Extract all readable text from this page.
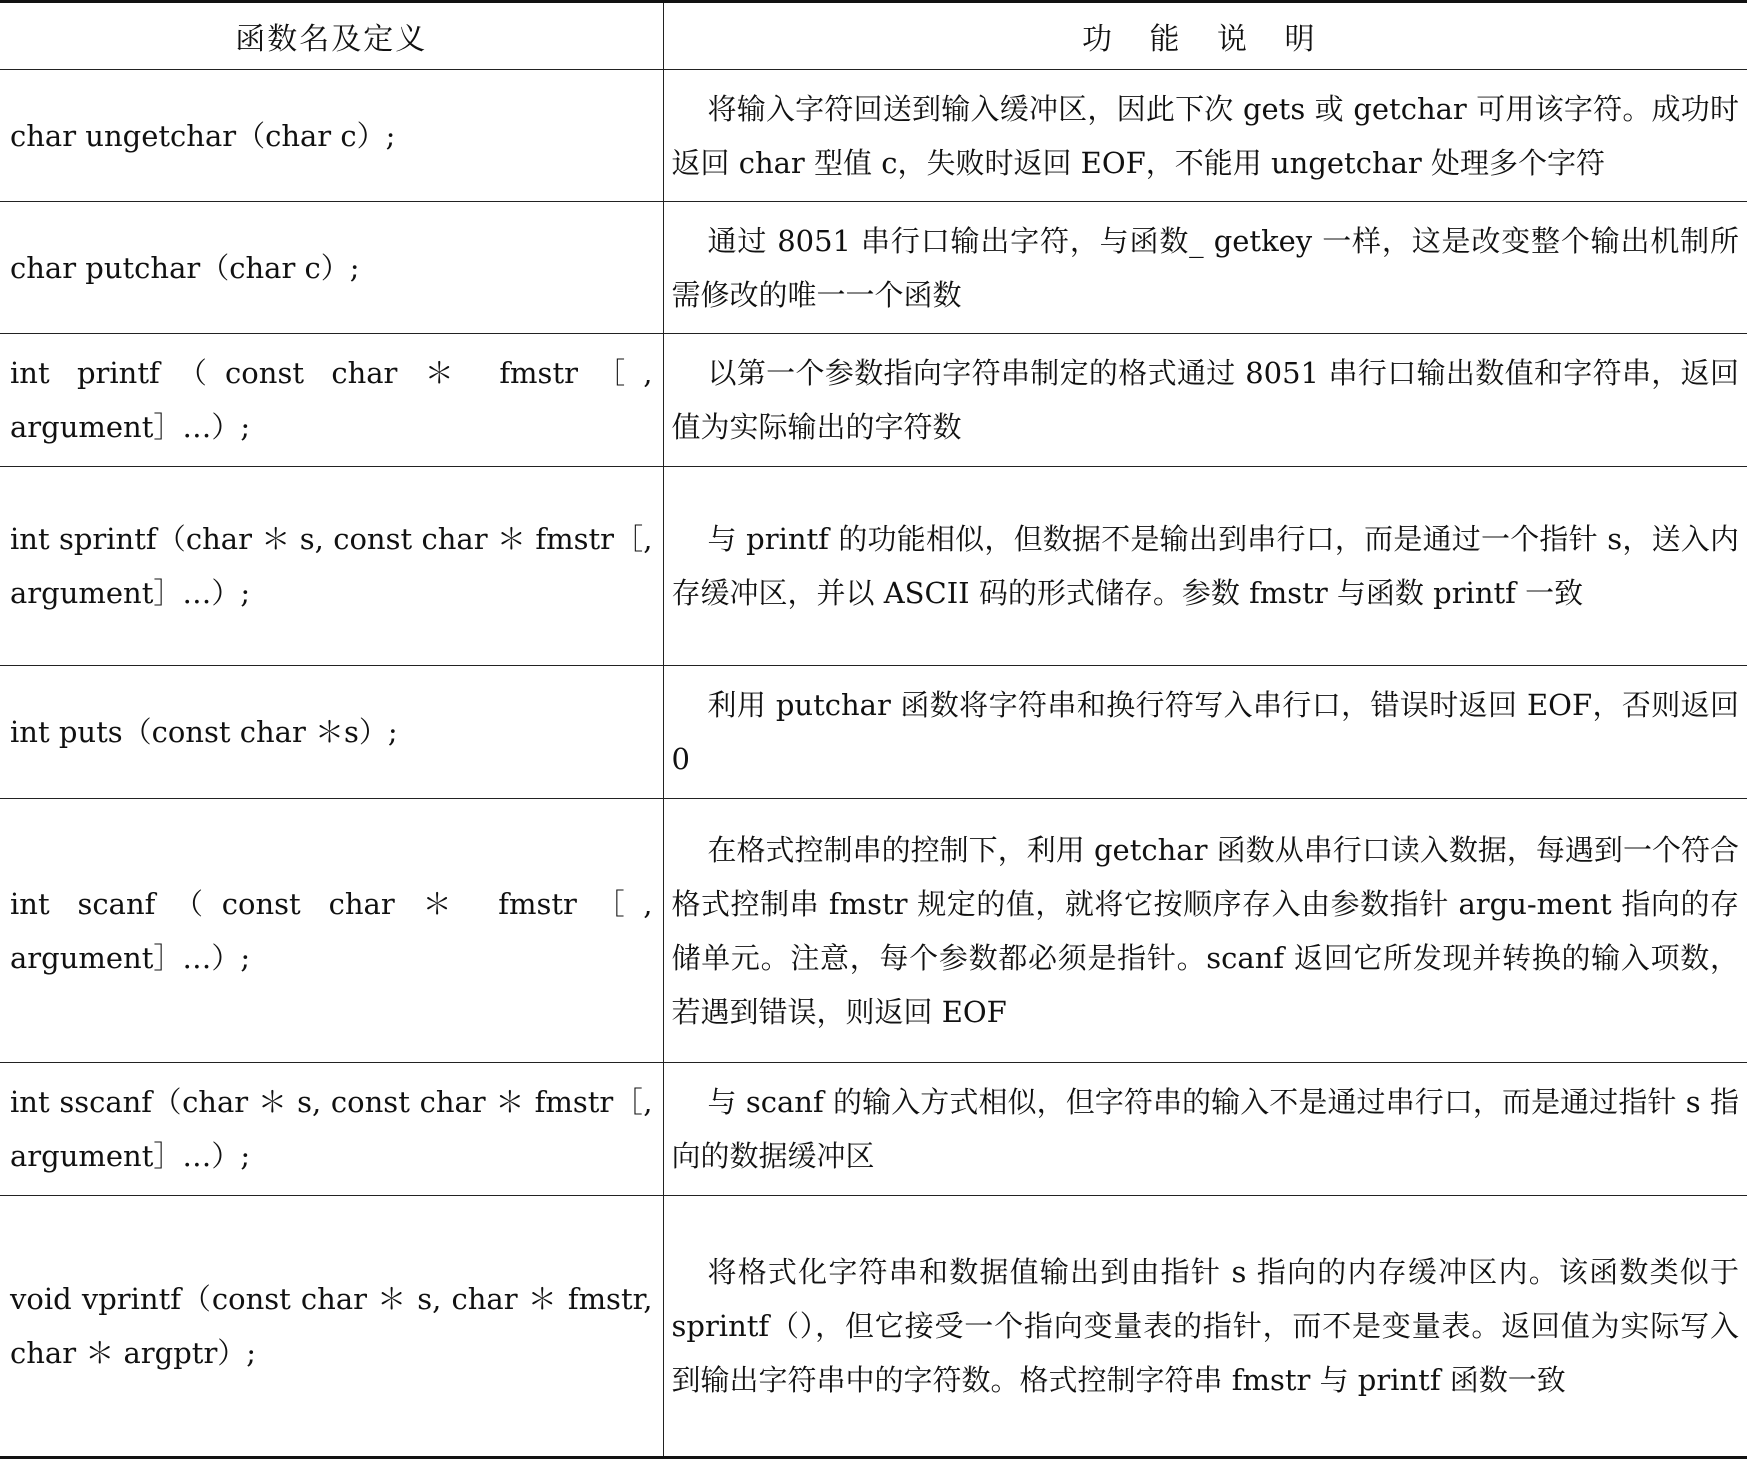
函数名及定义	功 能 说 明
char ungetchar（char c）;	将输入字符回送到输入缓冲区，因此下次 gets 或 getchar 可用该字符。成功时返回 char 型值 c，失败时返回 EOF，不能用 ungetchar 处理多个字符
char putchar（char c）;	通过 8051 串行口输出字符，与函数_ getkey 一样，这是改变整个输出机制所需修改的唯一一个函数
int printf（const char ＊ fmstr［, argument］…）;	以第一个参数指向字符串制定的格式通过 8051 串行口输出数值和字符串，返回值为实际输出的字符数
int sprintf（char ＊ s, const char ＊ fmstr［, argument］…）;	与 printf 的功能相似，但数据不是输出到串行口，而是通过一个指针 s，送入内存缓冲区，并以 ASCII 码的形式储存。参数 fmstr 与函数 printf 一致
int puts（const char ＊s）;	利用 putchar 函数将字符串和换行符写入串行口，错误时返回 EOF，否则返回 0
int scanf（const char ＊ fmstr［, argument］…）;	在格式控制串的控制下，利用 getchar 函数从串行口读入数据，每遇到一个符合格式控制串 fmstr 规定的值，就将它按顺序存入由参数指针 argu-ment 指向的存储单元。注意，每个参数都必须是指针。scanf 返回它所发现并转换的输入项数，若遇到错误，则返回 EOF
int sscanf（char ＊ s, const char ＊ fmstr［, argument］…）;	与 scanf 的输入方式相似，但字符串的输入不是通过串行口，而是通过指针 s 指向的数据缓冲区
void vprintf（const char ＊ s, char ＊ fmstr, char ＊ argptr）;	将格式化字符串和数据值输出到由指针 s 指向的内存缓冲区内。该函数类似于 sprintf（），但它接受一个指向变量表的指针，而不是变量表。返回值为实际写入到输出字符串中的字符数。格式控制字符串 fmstr 与 printf 函数一致
